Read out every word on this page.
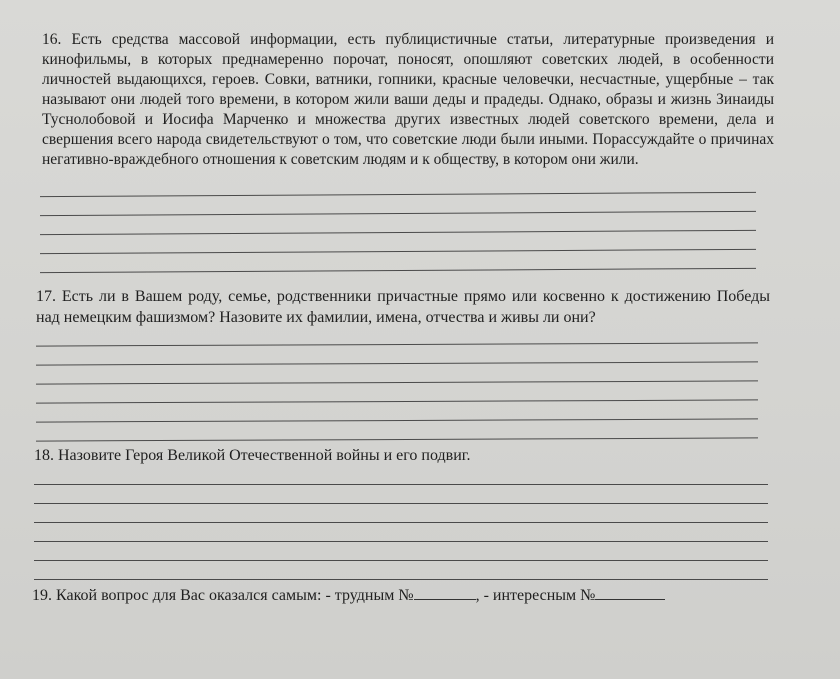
16. Есть средства массовой информации, есть публицистичные статьи, литературные произведения и кинофильмы, в которых преднамеренно порочат, поносят, опошляют советских людей, в особенности личностей выдающихся, героев. Совки, ватники, гопники, красные человечки, несчастные, ущербные – так называют они людей того времени, в котором жили ваши деды и прадеды. Однако, образы и жизнь Зинаиды Туснолобовой и Иосифа Марченко и множества других известных людей советского времени, дела и свершения всего народа свидетельствуют о том, что советские люди были иными. Порассуждайте о причинах негативно-враждебного отношения к советским людям и к обществу, в котором они жили.
17. Есть ли в Вашем роду, семье, родственники причастные прямо или косвенно к достижению Победы над немецким фашизмом? Назовите их фамилии, имена, отчества и живы ли они?
18. Назовите Героя Великой Отечественной войны и его подвиг.
19. Какой вопрос для Вас оказался самым: - трудным №	, - интересным №
